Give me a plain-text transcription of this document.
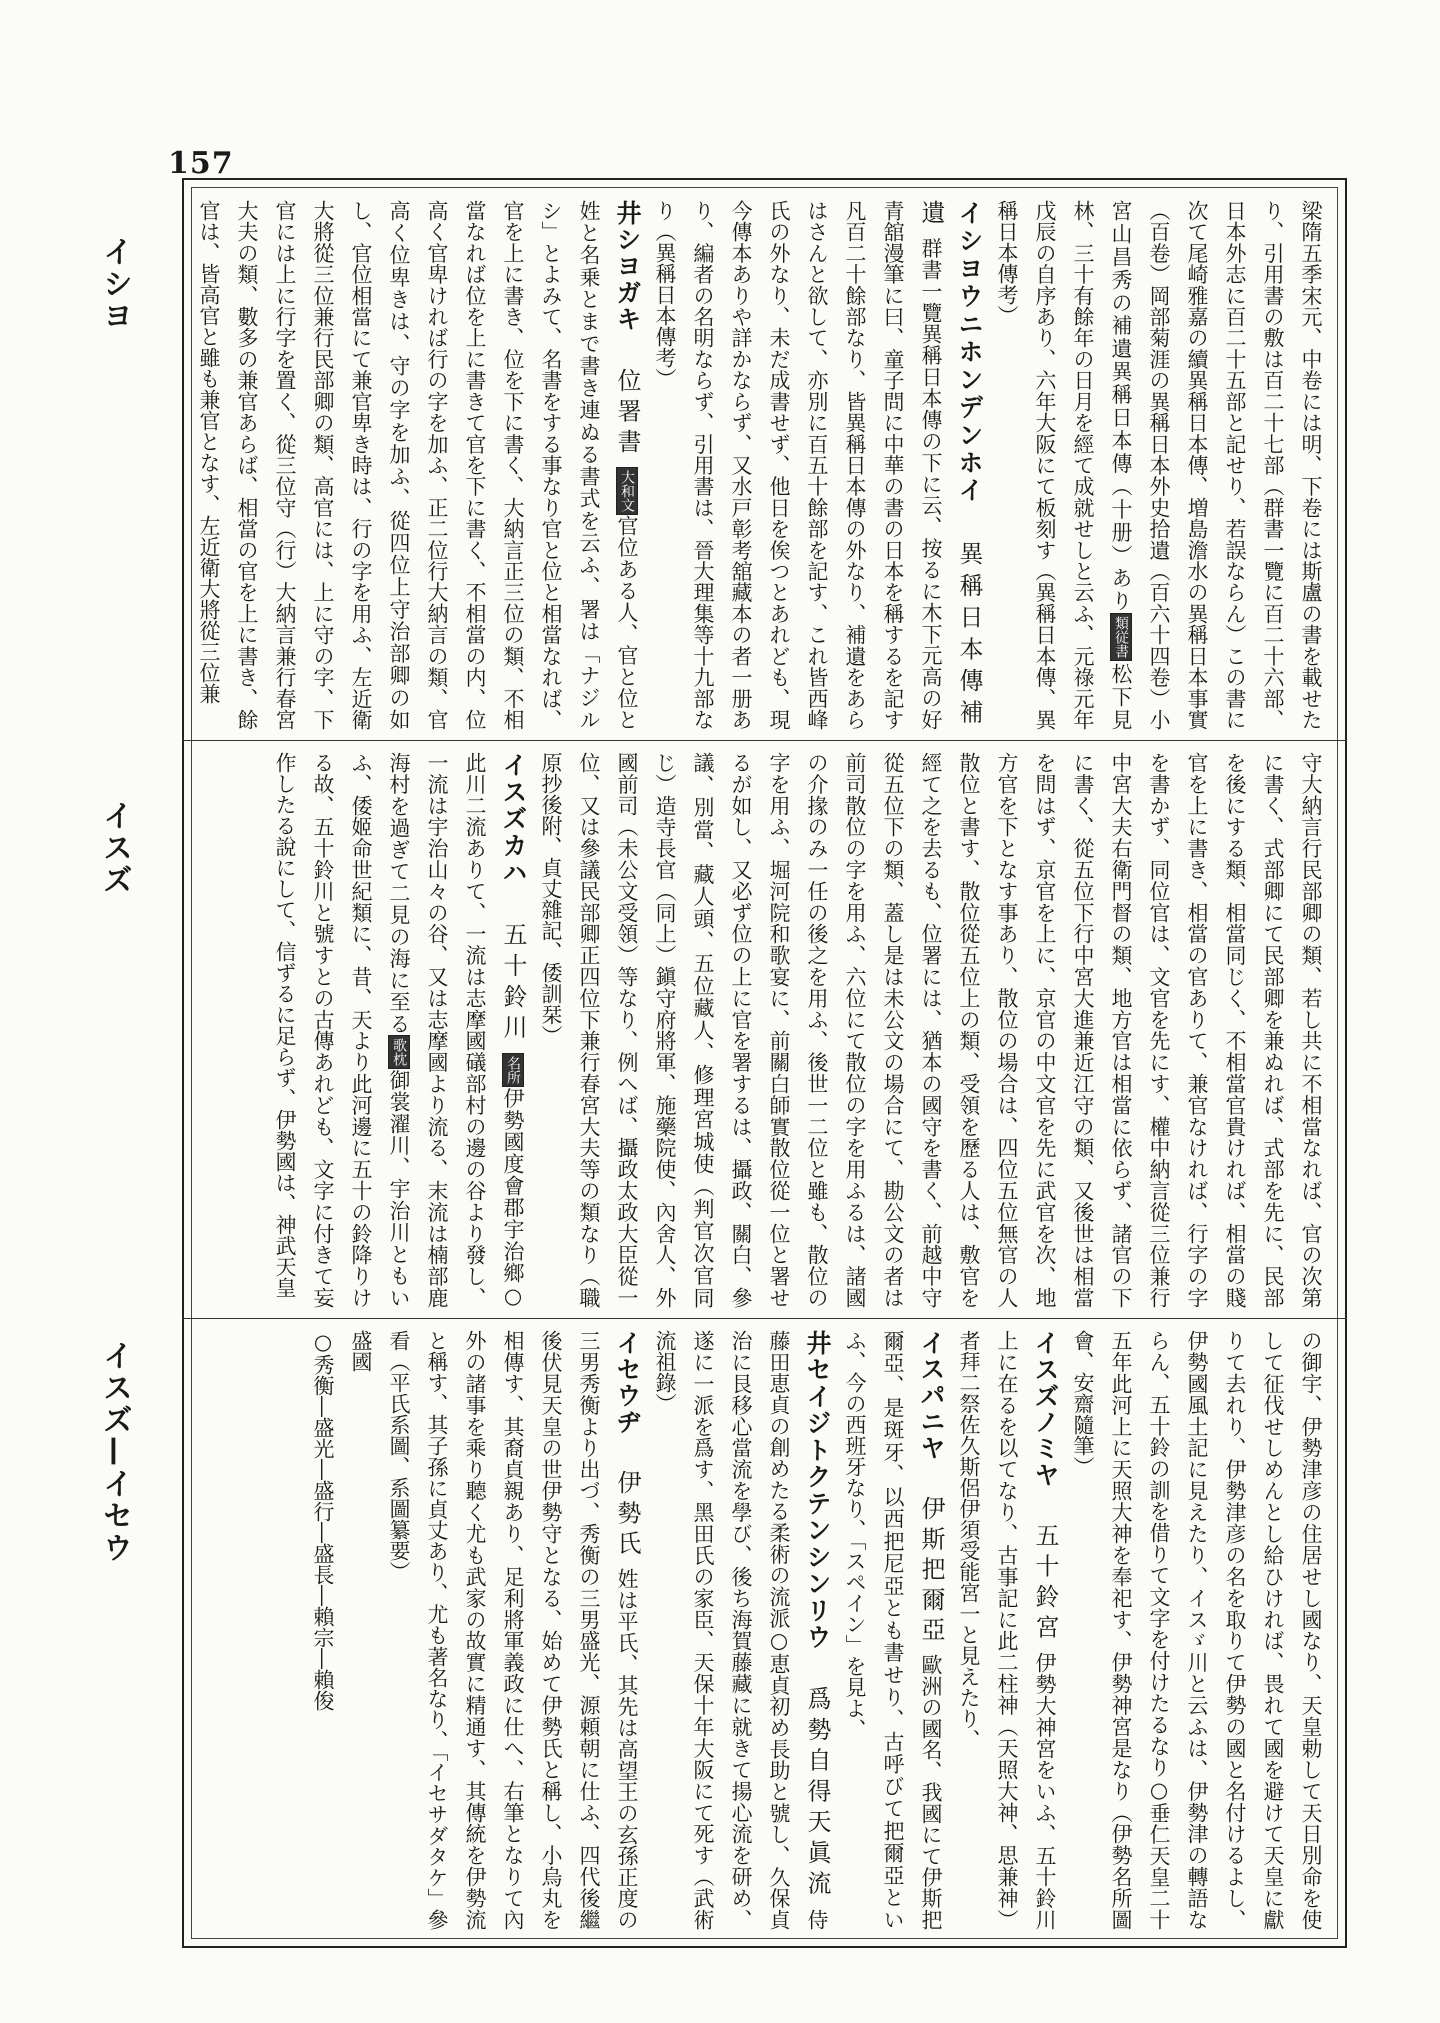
157
イシヨ
イスズ
イスズ—イセウ

梁隋五季宋元、中卷には明、下卷には斯盧の書を載せたり、引用書の敷は百二十七部（群書一覽に百二十六部、日本外志に百二十五部と記せり、若誤ならん）この書に次て尾崎雅嘉の續異稱日本傳、増島澹水の異稱日本事實（百卷）岡部菊涯の異稱日本外史拾遺（百六十四卷）小宮山昌秀の補遺異稱日本傳（十册）あり類従書松下見林、三十有餘年の日月を經て成就せしと云ふ、元祿元年戊辰の自序あり、六年大阪にて板刻す（異稱日本傳、異稱日本傳考）

イシヨウニホンデンホイ 異稱日本傳補遺 群書一覽異稱日本傳の下に云、按るに木下元高の好青舘漫筆に曰、童子問に中華の書の日本を稱するを記す凡百二十餘部なり、皆異稱日本傳の外なり、補遺をあらはさんと欲して、亦別に百五十餘部を記す、これ皆西峰氏の外なり、未だ成書せず、他日を俟つとあれども、現今傳本ありや詳かならず、又水戸彰考舘藏本の者一册あり、編者の名明ならず、引用書は、晉大理集等十九部なり（異稱日本傳考）

井シヨガキ 位署書 大和文官位ある人、官と位と姓と名乗とまで書き連ぬる書式を云ふ、署は「ナジルシ」とよみて、名書をする事なり官と位と相當なれば、官を上に書き、位を下に書く、大納言正三位の類、不相當なれば位を上に書きて官を下に書く、不相當の内、位高く官卑ければ行の字を加ふ、正二位行大納言の類、官高く位卑きは、守の字を加ふ、從四位上守治部卿の如し、官位相當にて兼官卑き時は、行の字を用ふ、左近衛大將從三位兼行民部卿の類、高官には、上に守の字、下官には上に行字を置く、從三位守（行）大納言兼行春宮大夫の類、數多の兼官あらば、相當の官を上に書き、餘官は、皆高官と雖も兼官となす、左近衛大將從三位兼

守大納言行民部卿の類、若し共に不相當なれば、官の次第に書く、式部卿にて民部卿を兼ぬれば、式部を先に、民部を後にする類、相當同じく、不相當官貴ければ、相當の賤官を上に書き、相當の官ありて、兼官なければ、行字の字を書かず、同位官は、文官を先にす、權中納言從三位兼行中宮大夫右衛門督の類、地方官は相當に依らず、諸官の下に書く、從五位下行中宮大進兼近江守の類、又後世は相當を問はず、京官を上に、京官の中文官を先に武官を次、地方官を下となす事あり、散位の場合は、四位五位無官の人散位と書す、散位從五位上の類、受領を歷る人は、敷官を經て之を去るも、位署には、猶本の國守を書く、前越中守從五位下の類、蓋し是は未公文の場合にて、勘公文の者は前司散位の字を用ふ、六位にて散位の字を用ふるは、諸國の介掾のみ一任の後之を用ふ、後世一二位と雖も、散位の字を用ふ、堀河院和歌宴に、前關白師實散位從一位と署せるが如し、又必ず位の上に官を署するは、攝政、關白、參議、別當、藏人頭、五位藏人、修理宮城使（判官次官同じ）造寺長官（同上）鎭守府將軍、施藥院使、內舍人、外國前司（未公文受領）等なり、例へば、攝政太政大臣從一位、又は參議民部卿正四位下兼行春宮大夫等の類なり（職原抄後附、貞丈雜記、倭訓栞）

イスズカハ 五十鈴川 名所伊勢國度會郡宇治鄉○此川二流ありて、一流は志摩國礒部村の邊の谷より發し、一流は宇治山々の谷、又は志摩國より流る、末流は楠部鹿海村を過ぎて二見の海に至る歌枕御裳濯川、宇治川ともいふ、倭姬命世紀類に、昔、天より此河邊に五十の鈴降りける故、五十鈴川と號すとの古傳あれども、文字に付きて妄作したる說にして、信ずるに足らず、伊勢國は、神武天皇

の御宇、伊勢津彦の住居せし國なり、天皇勅して天日別命を使して征伐せしめんとし給ひければ、畏れて國を避けて天皇に獻りて去れり、伊勢津彦の名を取りて伊勢の國と名付けるよし、伊勢國風土記に見えたり、イスゞ川と云ふは、伊勢津の轉語ならん、五十鈴の訓を借りて文字を付けたるなり○垂仁天皇二十五年此河上に天照大神を奉祀す、伊勢神宮是なり（伊勢名所圖會、安齋隨筆）

イスズノミヤ 五十鈴宮 伊勢大神宮をいふ、五十鈴川上に在るを以てなり、古事記に此二柱神（天照大神、思兼神）者拜二祭佐久斯侶伊須受能宮一と見えたり、

イスパニヤ 伊斯把爾亞 歐洲の國名、我國にて伊斯把爾亞、是斑牙、以西把尼亞とも書せり、古呼びて把爾亞といふ、今の西班牙なり、「スペイン」を見よ、

井セイジトクテンシンリウ 爲勢自得天眞流 侍藤田恵貞の創めたる柔術の流派○恵貞初め長助と號し、久保貞治に艮移心當流を學び、後ち海賀藤藏に就きて揚心流を研め、遂に一派を爲す、黑田氏の家臣、天保十年大阪にて死す（武術流祖錄）

イセウヂ 伊勢氏 姓は平氏、其先は高望王の玄孫正度の三男秀衡より出づ、秀衡の三男盛光、源頼朝に仕ふ、四代後繼後伏見天皇の世伊勢守となる、始めて伊勢氏と稱し、小烏丸を相傳す、其裔貞親あり、足利將軍義政に仕へ、右筆となりて內外の諸事を乘り聽く尤も武家の故實に精通す、其傳統を伊勢流と稱す、其子孫に貞丈あり、尤も著名なり、「イセサダタケ」參看（平氏系圖、系圖纂要）

盛國

○秀衡―盛光―盛行―盛長―賴宗―賴俊
